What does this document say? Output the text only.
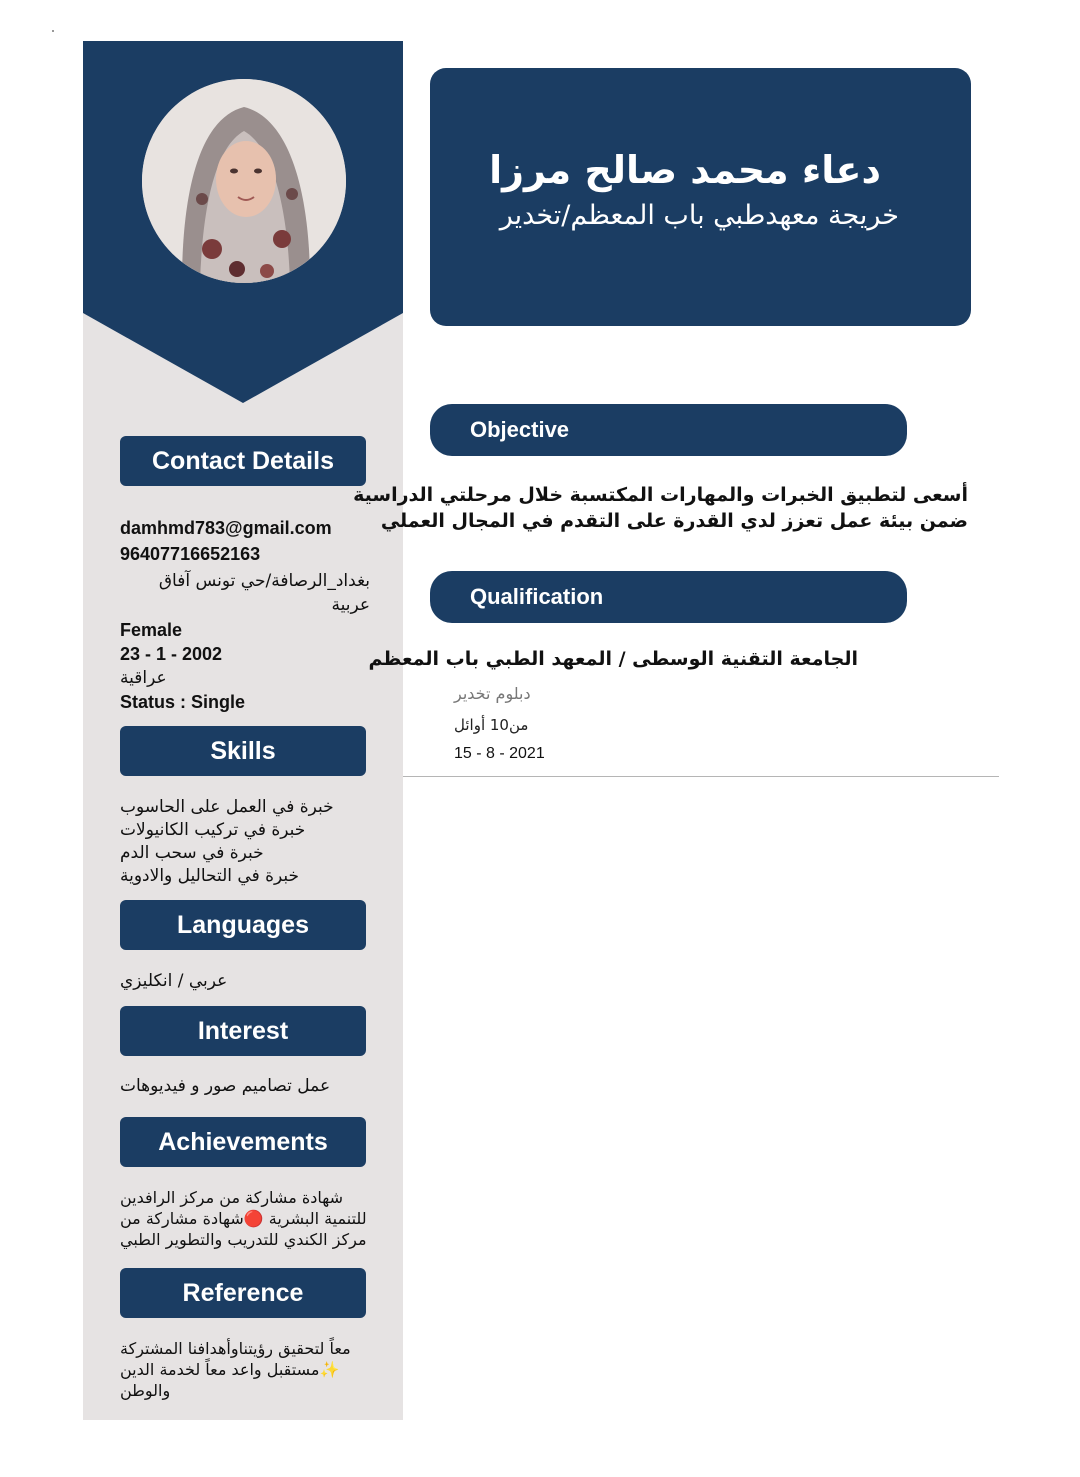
Contact Details
damhmd783@gmail.com
96407716652163
بغداد_الرصافة/حي تونس آفاق عربية
Female
23 - 1 - 2002
عراقية
Status : Single
Skills
خبرة في العمل على الحاسوب
خبرة في تركيب الكانيولات
خبرة في سحب الدم
خبرة في التحاليل والادوية
Languages
عربي / انكليزي
Interest
عمل تصاميم صور و فيديوهات
Achievements
شهادة مشاركة من مركز الرافدين
للتنمية البشرية 🔴شهادة مشاركة من
مركز الكندي للتدريب والتطوير الطبي
Reference
معاً لتحقيق رؤيتناوأهدافنا المشتركة
✨مستقبل واعد معاً لخدمة الدين
والوطن
دعاء محمد صالح مرزا
خريجة معهدطبي باب المعظم/تخدير
Objective
أسعى لتطبيق الخبرات والمهارات المكتسبة خلال مرحلتي الدراسية
ضمن بيئة عمل تعزز لدي القدرة على التقدم في المجال العملي
Qualification
الجامعة التقنية الوسطى / المعهد الطبي باب المعظم
دبلوم تخدير
من10 أوائل
15 - 8 - 2021
